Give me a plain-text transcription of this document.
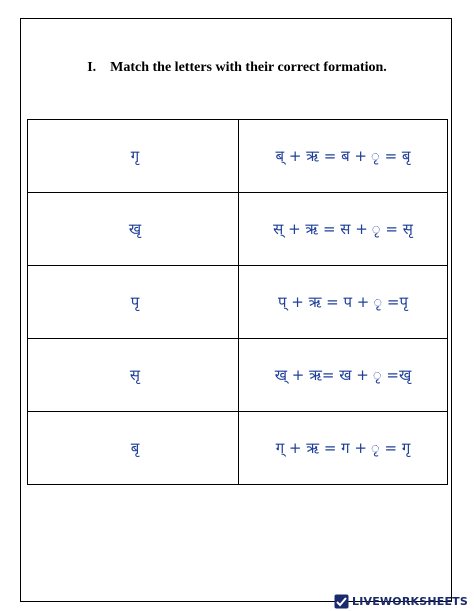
I. Match the letters with their correct formation.
गृ	ब् + ऋ = ब + ृ = बृ
खृ	स् + ऋ = स + ृ = सृ
पृ	प् + ऋ = प + ृ =पृ
सृ	ख् + ऋ= ख + ृ =खृ
बृ	ग् + ऋ = ग + ृ = गृ
LIVEWORKSHEETS
